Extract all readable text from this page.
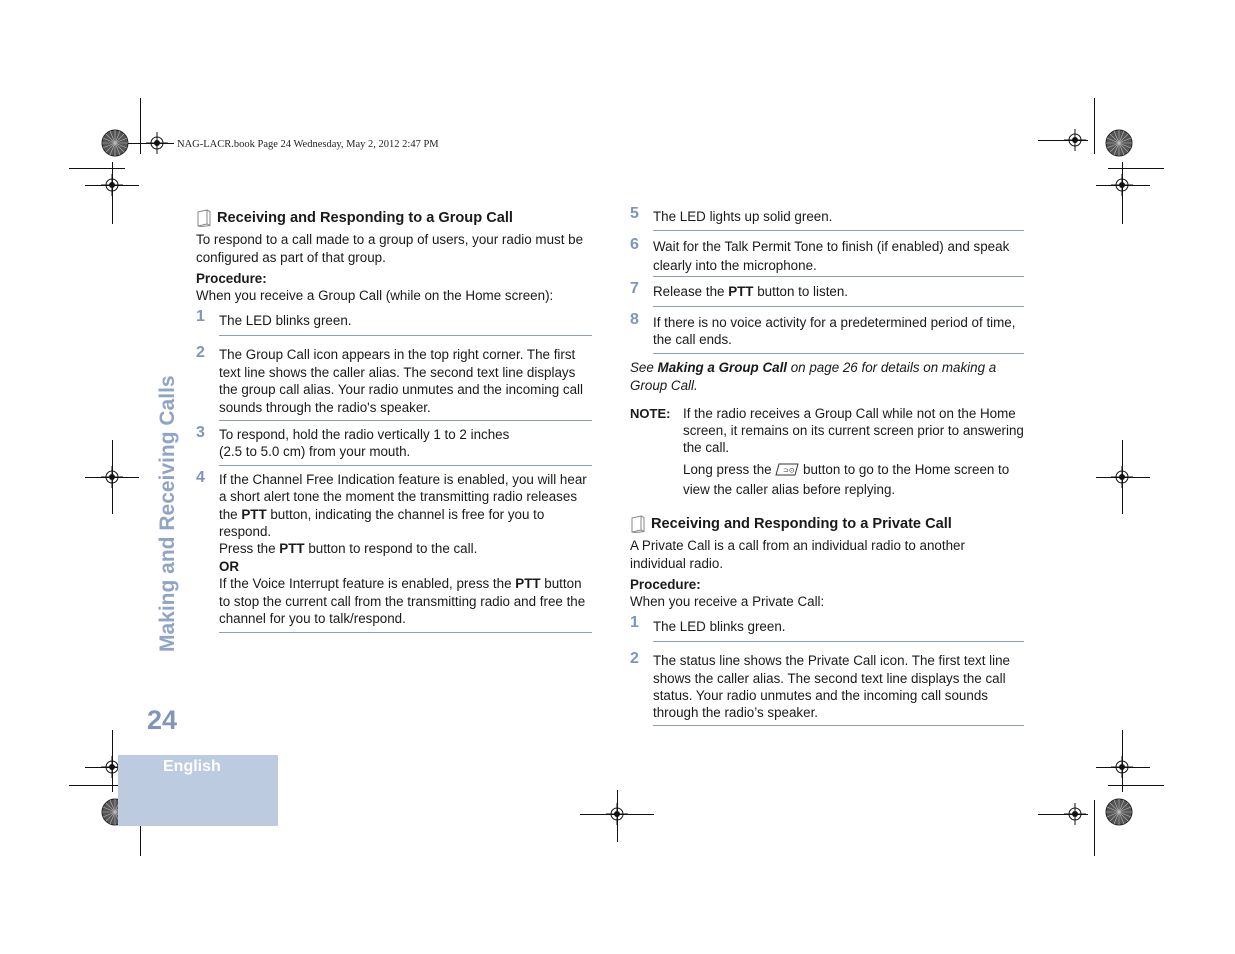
NAG-LACR.book Page 24 Wednesday, May 2, 2012 2:47 PM
English
Making and Receiving Calls
24
Receiving and Responding to a Group Call

To respond to a call made to a group of users, your radio must be configured as part of that group.

Procedure:

When you receive a Group Call (while on the Home screen):

1 The LED blinks green.
2 The Group Call icon appears in the top right corner. The first text line shows the caller alias. The second text line displays the group call alias. Your radio unmutes and the incoming call sounds through the radio's speaker.
3 To respond, hold the radio vertically 1 to 2 inches
(2.5 to 5.0 cm) from your mouth.
4 If the Channel Free Indication feature is enabled, you will hear a short alert tone the moment the transmitting radio releases the PTT button, indicating the channel is free for you to respond.
Press the PTT button to respond to the call.
OR
If the Voice Interrupt feature is enabled, press the PTT button to stop the current call from the transmitting radio and free the channel for you to talk/respond.
5 The LED lights up solid green.
6 Wait for the Talk Permit Tone to finish (if enabled) and speak clearly into the microphone.
7 Release the PTT button to listen.
8 If there is no voice activity for a predetermined period of time, the call ends.

See Making a Group Call on page 26 for details on making a Group Call.

NOTE: If the radio receives a Group Call while not on the Home screen, it remains on its current screen prior to answering the call.

Long press the ⊃⊙ button to go to the Home screen to view the caller alias before replying.

Receiving and Responding to a Private Call

A Private Call is a call from an individual radio to another individual radio.

Procedure:

When you receive a Private Call:

1 The LED blinks green.
2 The status line shows the Private Call icon. The first text line shows the caller alias. The second text line displays the call status. Your radio unmutes and the incoming call sounds through the radio’s speaker.
